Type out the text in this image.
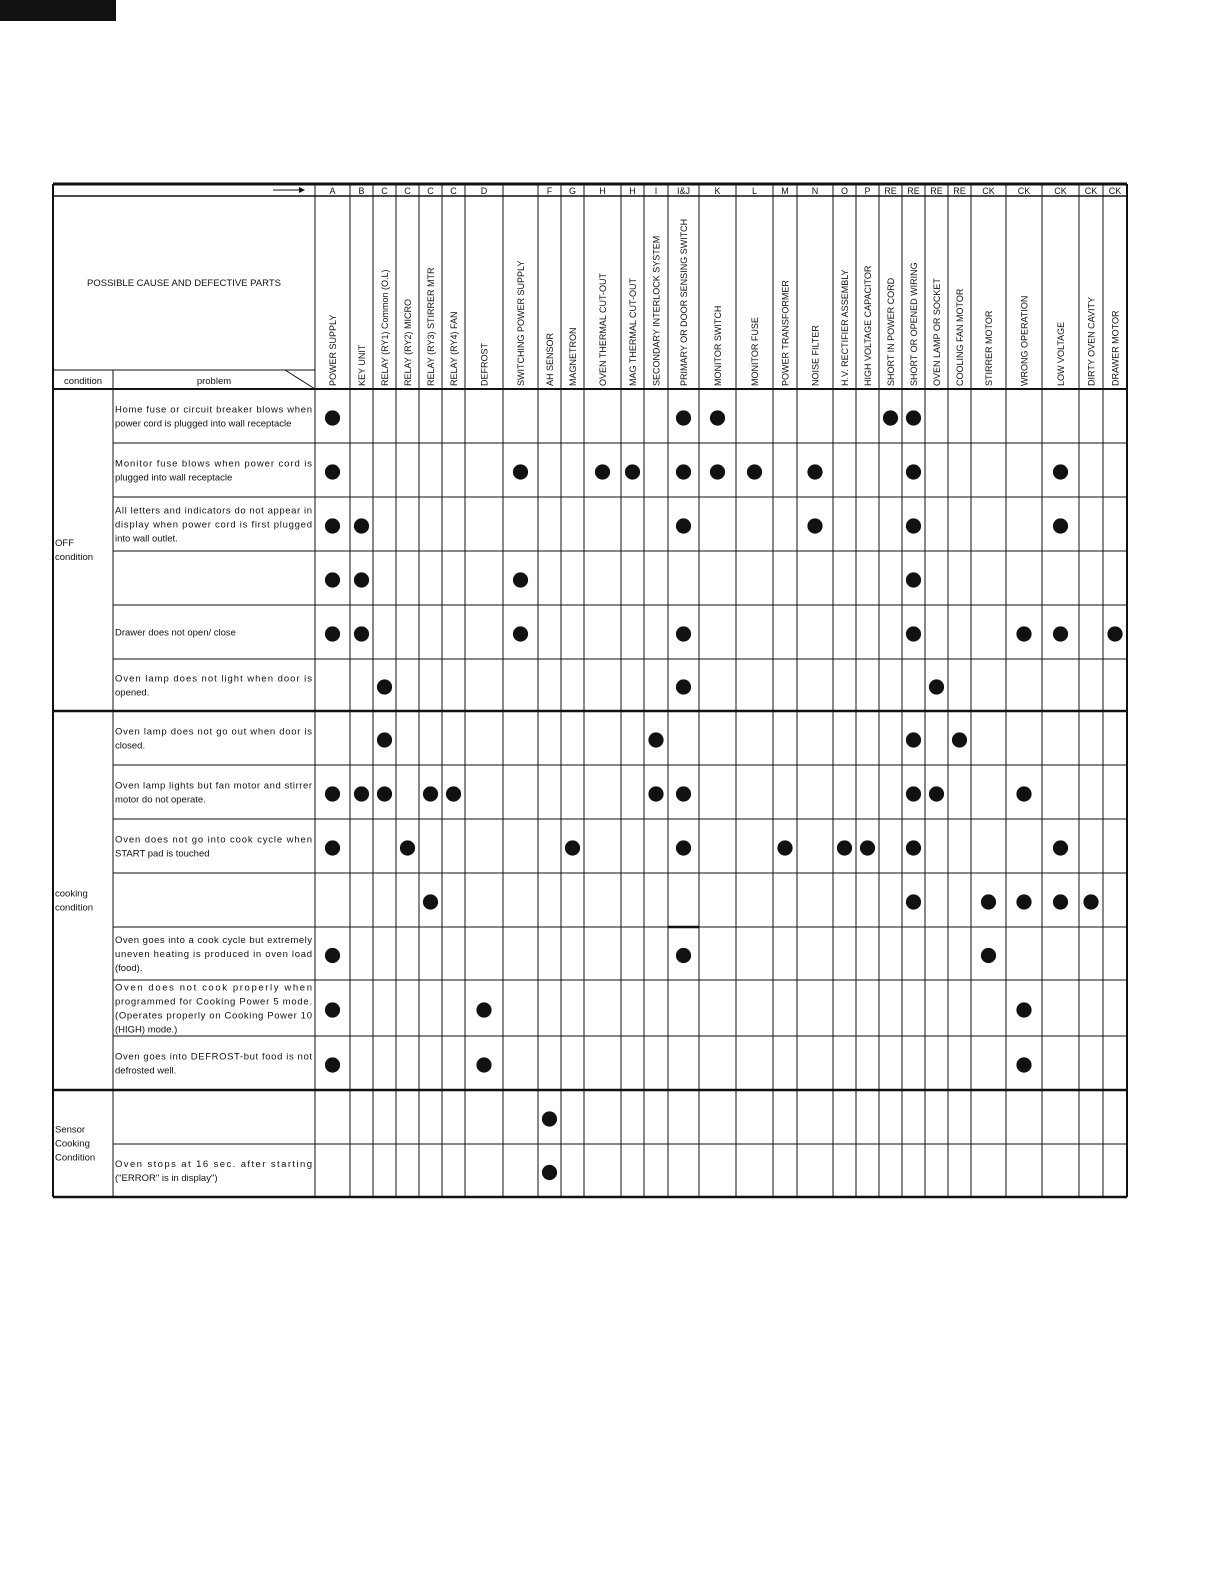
A
POWER SUPPLY
B
KEY UNIT
C
RELAY (RY1) Common (O.L)
C
RELAY (RY2) MICRO
C
RELAY (RY3) STIRRER MTR
C
RELAY (RY4) FAN
D
DEFROST	SWITCHING POWER SUPPLY
F
AH SENSOR
G
MAGNETRON
H
OVEN THERMAL CUT-OUT
H
MAG THERMAL CUT-OUT
I
SECONDARY INTERLOCK SYSTEM
I&J
PRIMARY OR DOOR SENSING SWITCH
K
MONITOR SWITCH
L
MONITOR FUSE
M
POWER TRANSFORMER
N
NOISE FILTER
O
H.V. RECTIFIER ASSEMBLY
P
HIGH VOLTAGE CAPACITOR
RE
SHORT IN POWER CORD
RE
SHORT OR OPENED WIRING
RE
OVEN LAMP OR SOCKET
RE
COOLING FAN MOTOR
CK
STIRRER MOTOR
CK
WRONG OPERATION
CK
LOW VOLTAGE
CK
DIRTY OVEN CAVITY
CK
DRAWER MOTOR
POSSIBLE CAUSE AND DEFECTIVE PARTS
condition	problem
OFF
condition
cooking
condition
Sensor
Cooking
Condition
Home fuse or circuit breaker blows when
power cord is plugged into wall receptacle
Monitor fuse blows when power cord is
plugged into wall receptacle
All letters and indicators do not appear in
display when power cord is first plugged
into wall outlet.
Drawer does not open/ close
Oven lamp does not light when door is
opened.
Oven lamp does not go out when door is
closed.
Oven lamp lights but fan motor and stirrer
motor do not operate.
Oven does not go into cook cycle when
START pad is touched
Oven goes into a cook cycle but extremely
uneven heating is produced in oven load
(food).
Oven does not cook properly when
programmed for Cooking Power 5 mode.
(Operates properly on Cooking Power 10
(HIGH) mode.)
Oven goes into DEFROST-but food is not
defrosted well.
Oven stops at 16 sec. after starting
("ERROR" is in display")
